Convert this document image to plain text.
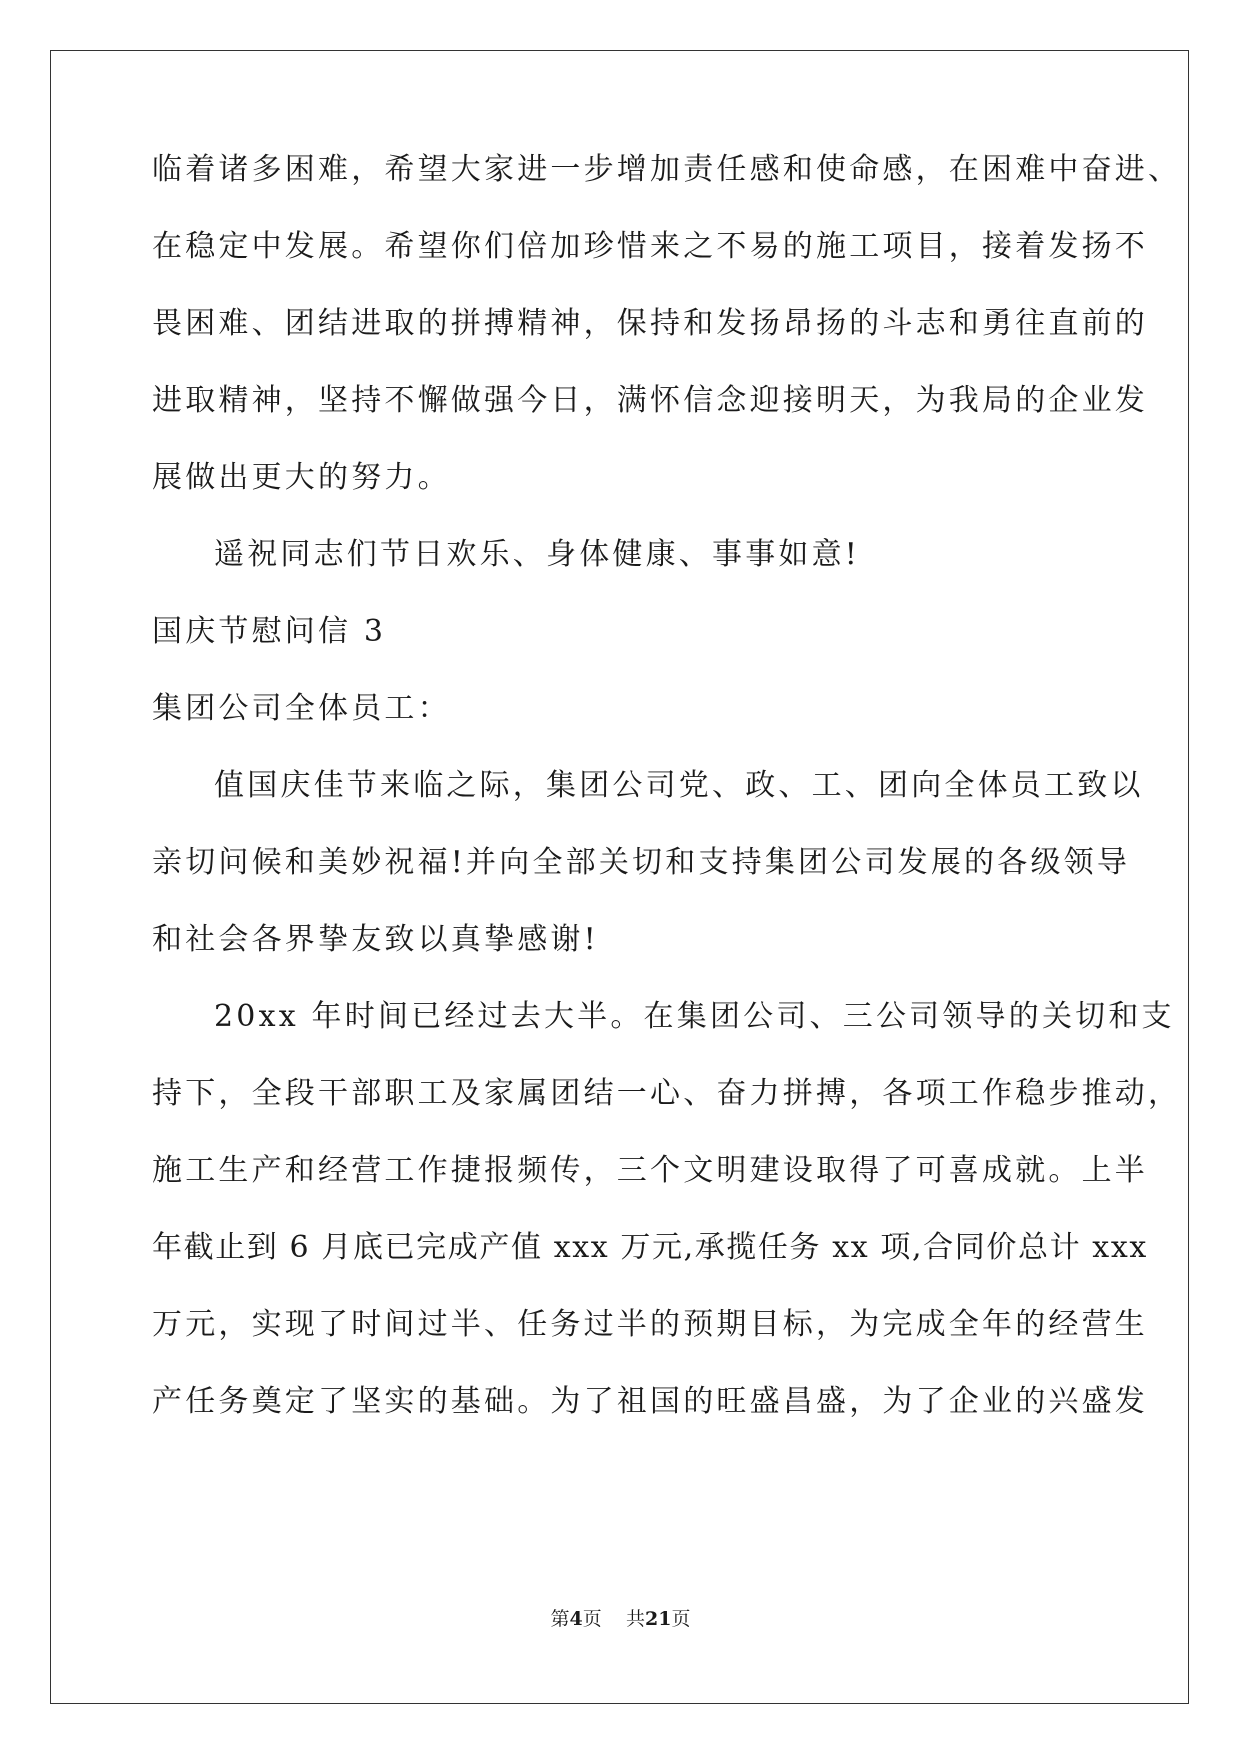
临着诸多困难，希望大家进一步增加责任感和使命感，在困难中奋进、
在稳定中发展。希望你们倍加珍惜来之不易的施工项目，接着发扬不
畏困难、团结进取的拼搏精神，保持和发扬昂扬的斗志和勇往直前的
进取精神，坚持不懈做强今日，满怀信念迎接明天，为我局的企业发
展做出更大的努力。
遥祝同志们节日欢乐、身体健康、事事如意!
国庆节慰问信 3
集团公司全体员工：
值国庆佳节来临之际，集团公司党、政、工、团向全体员工致以
亲切问候和美妙祝福!并向全部关切和支持集团公司发展的各级领导
和社会各界挚友致以真挚感谢!
20xx 年时间已经过去大半。在集团公司、三公司领导的关切和支
持下，全段干部职工及家属团结一心、奋力拼搏，各项工作稳步推动，
施工生产和经营工作捷报频传，三个文明建设取得了可喜成就。上半
年截止到 6 月底已完成产值 xxx 万元,承揽任务 xx 项,合同价总计 xxx
万元，实现了时间过半、任务过半的预期目标，为完成全年的经营生
产任务奠定了坚实的基础。为了祖国的旺盛昌盛，为了企业的兴盛发
第4页 共21页
